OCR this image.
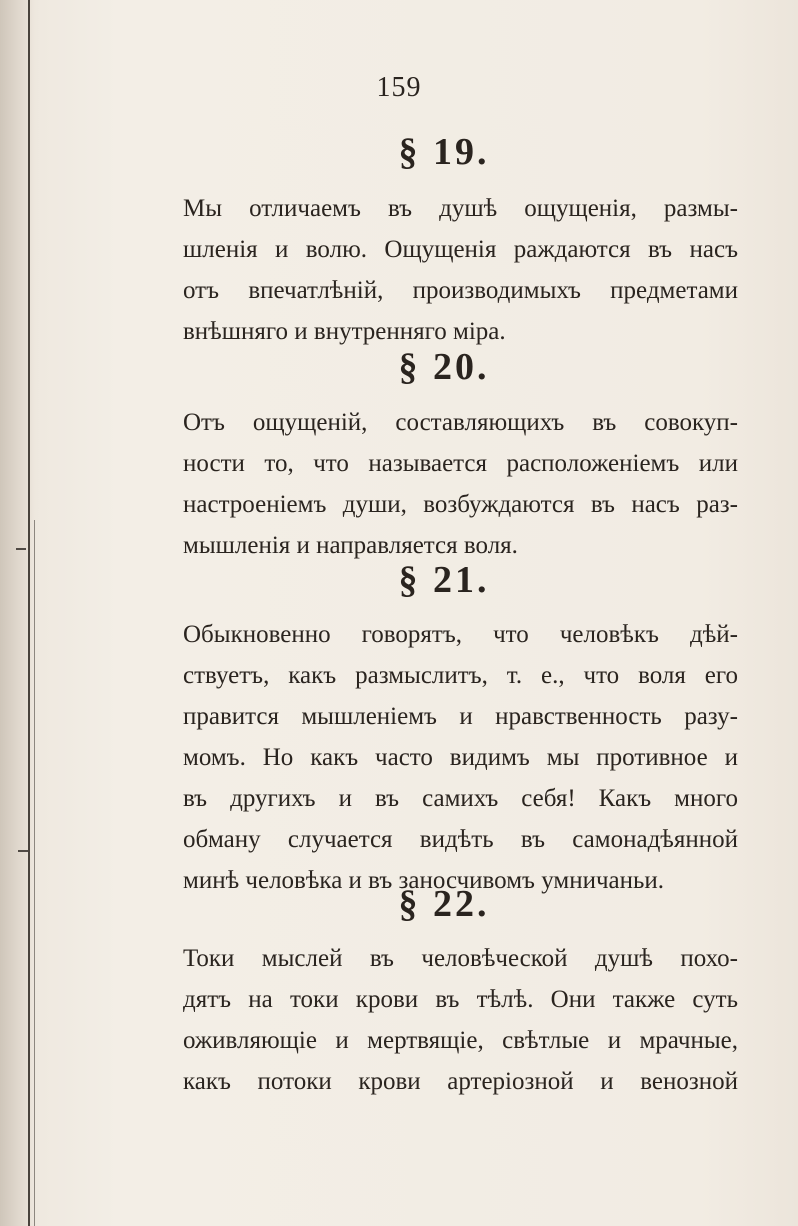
159
§ 19.
Мы отличаемъ въ душѣ ощущенія, размы-
шленія и волю. Ощущенія раждаются въ насъ
отъ впечатлѣній, производимыхъ предметами
внѣшняго и внутренняго міра.
§ 20.
Отъ ощущеній, составляющихъ въ совокуп-
ности то, что называется расположеніемъ или
настроеніемъ души, возбуждаются въ насъ раз-
мышленія и направляется воля.
§ 21.
Обыкновенно говорятъ, что человѣкъ дѣй-
ствуетъ, какъ размыслитъ, т. е., что воля его
правится мышленіемъ и нравственность разу-
момъ. Но какъ часто видимъ мы противное и
въ другихъ и въ самихъ себя! Какъ много
обману случается видѣть въ самонадѣянной
минѣ человѣка и въ заносчивомъ умничаньи.
§ 22.
Токи мыслей въ человѣческой душѣ похо-
дятъ на токи крови въ тѣлѣ. Они также суть
оживляющіе и мертвящіе, свѣтлые и мрачные,
какъ потоки крови артеріозной и венозной
